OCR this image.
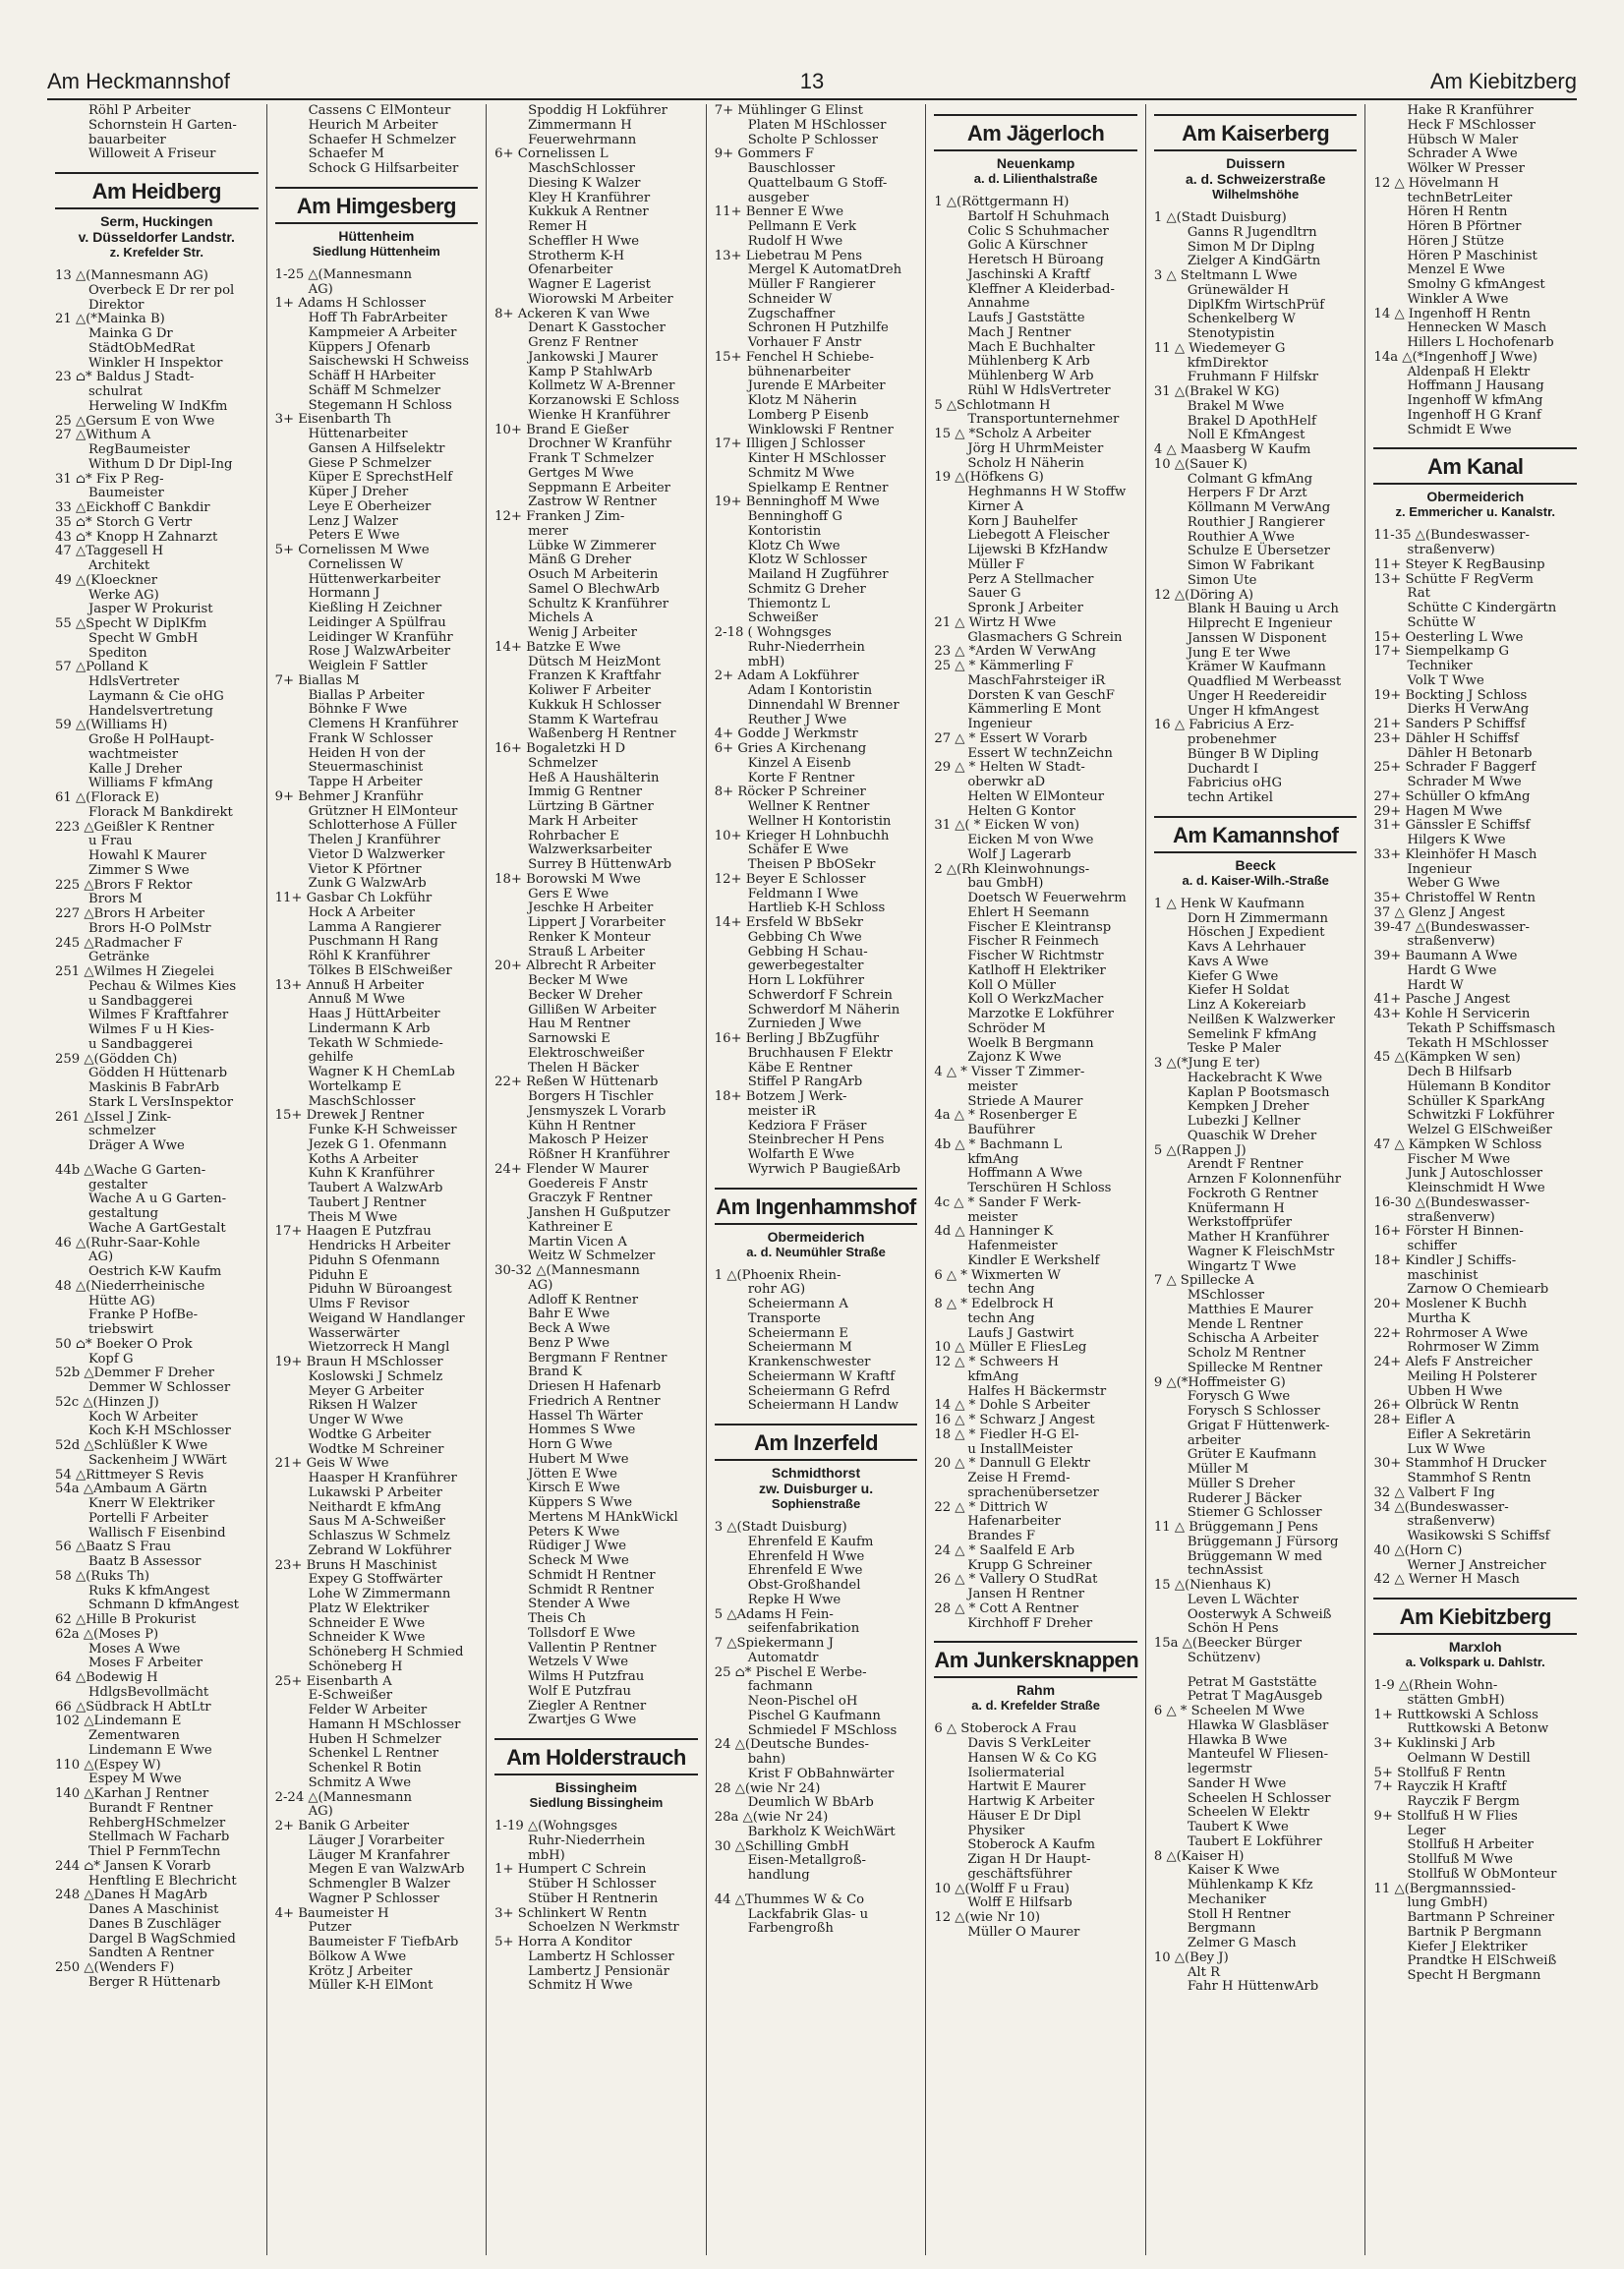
Am Heckmannshof	13	Am Kiebitzberg
Röhl P Arbeiter
Schornstein H Garten-
bauarbeiter
Willoweit A Friseur
Am Heidberg
Serm, Huckingen
v. Düsseldorfer Landstr.
z. Krefelder Str.
13 △(Mannesmann AG)
Overbeck E Dr rer pol
Direktor
21 △(*Mainka B)
Mainka G Dr
StädtObMedRat
Winkler H Inspektor
23 ⌂* Baldus J Stadt-
schulrat
Herweling W IndKfm
25 △Gersum E von Wwe
27 △Withum A
RegBaumeister
Withum D Dr Dipl-Ing
31 ⌂* Fix P Reg-
Baumeister
33 △Eickhoff C Bankdir
35 ⌂* Storch G Vertr
43 ⌂* Knopp H Zahnarzt
47 △Taggesell H
Architekt
49 △(Kloeckner
Werke AG)
Jasper W Prokurist
55 △Specht W DiplKfm
Specht W GmbH
Spediton
57 △Polland K
HdlsVertreter
Laymann & Cie oHG
Handelsvertretung
59 △(Williams H)
Große H PolHaupt-
wachtmeister
Kalle J Dreher
Williams F kfmAng
61 △(Florack E)
Florack M Bankdirekt
223 △Geißler K Rentner
u Frau
Howahl K Maurer
Zimmer S Wwe
225 △Brors F Rektor
Brors M
227 △Brors H Arbeiter
Brors H-O PolMstr
245 △Radmacher F
Getränke
251 △Wilmes H Ziegelei
Pechau & Wilmes Kies
u Sandbaggerei
Wilmes F Kraftfahrer
Wilmes F u H Kies-
u Sandbaggerei
259 △(Gödden Ch)
Gödden H Hüttenarb
Maskinis B FabrArb
Stark L VersInspektor
261 △Issel J Zink-
schmelzer
Dräger A Wwe
44b △Wache G Garten-
gestalter
Wache A u G Garten-
gestaltung
Wache A GartGestalt
46 △(Ruhr-Saar-Kohle
AG)
Oestrich K-W Kaufm
48 △(Niederrheinische
Hütte AG)
Franke P HofBe-
triebswirt
50 ⌂* Boeker O Prok
Kopf G
52b △Demmer F Dreher
Demmer W Schlosser
52c △(Hinzen J)
Koch W Arbeiter
Koch K-H MSchlosser
52d △Schlüßler K Wwe
Sackenheim J WWärt
54 △Rittmeyer S Revis
54a △Ambaum A Gärtn
Knerr W Elektriker
Portelli F Arbeiter
Wallisch F Eisenbind
56 △Baatz S Frau
Baatz B Assessor
58 △(Ruks Th)
Ruks K kfmAngest
Schmann D kfmAngest
62 △Hille B Prokurist
62a △(Moses P)
Moses A Wwe
Moses F Arbeiter
64 △Bodewig H
HdlgsBevollmächt
66 △Südbrack H AbtLtr
102 △Lindemann E
Zementwaren
Lindemann E Wwe
110 △(Espey W)
Espey M Wwe
140 △Karhan J Rentner
Burandt F Rentner
RehbergHSchmelzer
Stellmach W Facharb
Thiel P FernmTechn
244 ⌂* Jansen K Vorarb
Henftling E Blechricht
248 △Danes H MagArb
Danes A Maschinist
Danes B Zuschläger
Dargel B WagSchmied
Sandten A Rentner
250 △(Wenders F)
Berger R Hüttenarb
Cassens C ElMonteur
Heurich M Arbeiter
Schaefer H Schmelzer
Schaefer M
Schock G Hilfsarbeiter
Am Himgesberg
Hüttenheim
Siedlung Hüttenheim
1-25 △(Mannesmann
AG)
1+ Adams H Schlosser
Hoff Th FabrArbeiter
Kampmeier A Arbeiter
Küppers J Ofenarb
Saischewski H Schweiss
Schäff H HArbeiter
Schäff M Schmelzer
Stegemann H Schloss
3+ Eisenbarth Th
Hüttenarbeiter
Gansen A Hilfselektr
Giese P Schmelzer
Küper E SprechstHelf
Küper J Dreher
Leye E Oberheizer
Lenz J Walzer
Peters E Wwe
5+ Cornelissen M Wwe
Cornelissen W
Hüttenwerkarbeiter
Hormann J
Kießling H Zeichner
Leidinger A Spülfrau
Leidinger W Kranführ
Rose J WalzwArbeiter
Weiglein F Sattler
7+ Biallas M
Biallas P Arbeiter
Böhnke F Wwe
Clemens H Kranführer
Frank W Schlosser
Heiden H von der
Steuermaschinist
Tappe H Arbeiter
9+ Behmer J Kranführ
Grützner H ElMonteur
Schlotterhose A Füller
Thelen J Kranführer
Vietor D Walzwerker
Vietor K Pförtner
Zunk G WalzwArb
11+ Gasbar Ch Lokführ
Hock A Arbeiter
Lamma A Rangierer
Puschmann H Rang
Röhl K Kranführer
Tölkes B ElSchweißer
13+ Annuß H Arbeiter
Annuß M Wwe
Haas J HüttArbeiter
Lindermann K Arb
Tekath W Schmiede-
gehilfe
Wagner K H ChemLab
Wortelkamp E
MaschSchlosser
15+ Drewek J Rentner
Funke K-H Schweisser
Jezek G 1. Ofenmann
Koths A Arbeiter
Kuhn K Kranführer
Taubert A WalzwArb
Taubert J Rentner
Theis M Wwe
17+ Haagen E Putzfrau
Hendricks H Arbeiter
Piduhn S Ofenmann
Piduhn E
Piduhn W Büroangest
Ulms F Revisor
Weigand W Handlanger
Wasserwärter
Wietzorreck H Mangl
19+ Braun H MSchlosser
Koslowski J Schmelz
Meyer G Arbeiter
Riksen H Walzer
Unger W Wwe
Wodtke G Arbeiter
Wodtke M Schreiner
21+ Geis W Wwe
Haasper H Kranführer
Lukawski P Arbeiter
Neithardt E kfmAng
Saus M A-Schweißer
Schlaszus W Schmelz
Zebrand W Lokführer
23+ Bruns H Maschinist
Expey G Stoffwärter
Lohe W Zimmermann
Platz W Elektriker
Schneider E Wwe
Schneider K Wwe
Schöneberg H Schmied
Schöneberg H
25+ Eisenbarth A
E-Schweißer
Felder W Arbeiter
Hamann H MSchlosser
Huben H Schmelzer
Schenkel L Rentner
Schenkel R Botin
Schmitz A Wwe
2-24 △(Mannesmann
AG)
2+ Banik G Arbeiter
Läuger J Vorarbeiter
Läuger M Kranfahrer
Megen E van WalzwArb
Schmengler B Walzer
Wagner P Schlosser
4+ Baumeister H
Putzer
Baumeister F TiefbArb
Bölkow A Wwe
Krötz J Arbeiter
Müller K-H ElMont
Spoddig H Lokführer
Zimmermann H
Feuerwehrmann
6+ Cornelissen L
MaschSchlosser
Diesing K Walzer
Kley H Kranführer
Kukkuk A Rentner
Remer H
Scheffler H Wwe
Strotherm K-H
Ofenarbeiter
Wagner E Lagerist
Wiorowski M Arbeiter
8+ Ackeren K van Wwe
Denart K Gasstocher
Grenz F Rentner
Jankowski J Maurer
Kamp P StahlwArb
Kollmetz W A-Brenner
Korzanowski E Schloss
Wienke H Kranführer
10+ Brand E Gießer
Drochner W Kranführ
Frank T Schmelzer
Gertges M Wwe
Seppmann E Arbeiter
Zastrow W Rentner
12+ Franken J Zim-
merer
Lübke W Zimmerer
Mänß G Dreher
Osuch M Arbeiterin
Samel O BlechwArb
Schultz K Kranführer
Michels A
Wenig J Arbeiter
14+ Batzke E Wwe
Dütsch M HeizMont
Franzen K Kraftfahr
Koliwer F Arbeiter
Kukkuk H Schlosser
Stamm K Wartefrau
Waßenberg H Rentner
16+ Bogaletzki H D
Schmelzer
Heß A Haushälterin
Immig G Rentner
Lürtzing B Gärtner
Mark H Arbeiter
Rohrbacher E
Walzwerksarbeiter
Surrey B HüttenwArb
18+ Borowski M Wwe
Gers E Wwe
Jeschke H Arbeiter
Lippert J Vorarbeiter
Renker K Monteur
Strauß L Arbeiter
20+ Albrecht R Arbeiter
Becker M Wwe
Becker W Dreher
Gillißen W Arbeiter
Hau M Rentner
Sarnowski E
Elektroschweißer
Thelen H Bäcker
22+ Reßen W Hüttenarb
Borgers H Tischler
Jensmyszek L Vorarb
Kühn H Rentner
Makosch P Heizer
Rößner H Kranführer
24+ Flender W Maurer
Goedereis F Anstr
Graczyk F Rentner
Janshen H Gußputzer
Kathreiner E
Martin Vicen A
Weitz W Schmelzer
30-32 △(Mannesmann
AG)
Adloff K Rentner
Bahr E Wwe
Beck A Wwe
Benz P Wwe
Bergmann F Rentner
Brand K
Driesen H Hafenarb
Friedrich A Rentner
Hassel Th Wärter
Hommes S Wwe
Horn G Wwe
Hubert M Wwe
Jötten E Wwe
Kirsch E Wwe
Küppers S Wwe
Mertens M HAnkWickl
Peters K Wwe
Rüdiger J Wwe
Scheck M Wwe
Schmidt H Rentner
Schmidt R Rentner
Stender A Wwe
Theis Ch
Tollsdorf E Wwe
Vallentin P Rentner
Wetzels V Wwe
Wilms H Putzfrau
Wolf E Putzfrau
Ziegler A Rentner
Zwartjes G Wwe
Am Holderstrauch
Bissingheim
Siedlung Bissingheim
1-19 △(Wohngsges
Ruhr-Niederrhein
mbH)
1+ Humpert C Schrein
Stüber H Schlosser
Stüber H Rentnerin
3+ Schlinkert W Rentn
Schoelzen N Werkmstr
5+ Horra A Konditor
Lambertz H Schlosser
Lambertz J Pensionär
Schmitz H Wwe
7+ Mühlinger G Elinst
Platen M HSchlosser
Scholte P Schlosser
9+ Gommers F
Bauschlosser
Quattelbaum G Stoff-
ausgeber
11+ Benner E Wwe
Pellmann E Verk
Rudolf H Wwe
13+ Liebetrau M Pens
Mergel K AutomatDreh
Müller F Rangierer
Schneider W
Zugschaffner
Schronen H Putzhilfe
Vorhauer F Anstr
15+ Fenchel H Schiebe-
bühnenarbeiter
Jurende E MArbeiter
Klotz M Näherin
Lomberg P Eisenb
Winklowski F Rentner
17+ Illigen J Schlosser
Kinter H MSchlosser
Schmitz M Wwe
Spielkamp E Rentner
19+ Benninghoff M Wwe
Benninghoff G
Kontoristin
Klotz Ch Wwe
Klotz W Schlosser
Mailand H Zugführer
Schmitz G Dreher
Thiemontz L
Schweißer
2-18 ( Wohngsges
Ruhr-Niederrhein
mbH)
2+ Adam A Lokführer
Adam I Kontoristin
Dinnendahl W Brenner
Reuther J Wwe
4+ Godde J Werkmstr
6+ Gries A Kirchenang
Kinzel A Eisenb
Korte F Rentner
8+ Röcker P Schreiner
Wellner K Rentner
Wellner H Kontoristin
10+ Krieger H Lohnbuchh
Schäfer E Wwe
Theisen P BbOSekr
12+ Beyer E Schlosser
Feldmann I Wwe
Hartlieb K-H Schloss
14+ Ersfeld W BbSekr
Gebbing Ch Wwe
Gebbing H Schau-
gewerbegestalter
Horn L Lokführer
Schwerdorf F Schrein
Schwerdorf M Näherin
Zurnieden J Wwe
16+ Berling J BbZugführ
Bruchhausen F Elektr
Käbe E Rentner
Stiffel P RangArb
18+ Botzem J Werk-
meister iR
Kedziora F Fräser
Steinbrecher H Pens
Wolfarth E Wwe
Wyrwich P BaugießArb
Am Ingenhammshof
Obermeiderich
a. d. Neumühler Straße
1 △(Phoenix Rhein-
rohr AG)
Scheiermann A
Transporte
Scheiermann E
Scheiermann M
Krankenschwester
Scheiermann W Kraftf
Scheiermann G Refrd
Scheiermann H Landw
Am Inzerfeld
Schmidthorst
zw. Duisburger u.
Sophienstraße
3 △(Stadt Duisburg)
Ehrenfeld E Kaufm
Ehrenfeld H Wwe
Ehrenfeld E Wwe
Obst-Großhandel
Repke H Wwe
5 △Adams H Fein-
seifenfabrikation
7 △Spiekermann J
Automatdr
25 ⌂* Pischel E Werbe-
fachmann
Neon-Pischel oH
Pischel G Kaufmann
Schmiedel F MSchloss
24 △(Deutsche Bundes-
bahn)
Krist F ObBahnwärter
28 △(wie Nr 24)
Deumlich W BbArb
28a △(wie Nr 24)
Barkholz K WeichWärt
30 △Schilling GmbH
Eisen-Metallgroß-
handlung
44 △Thummes W & Co
Lackfabrik Glas- u
Farbengroßh
Am Jägerloch
Neuenkamp
a. d. Lilienthalstraße
1 △(Röttgermann H)
Bartolf H Schuhmach
Colic S Schuhmacher
Golic A Kürschner
Heretsch H Büroang
Jaschinski A Kraftf
Kleffner A Kleiderbad-
Annahme
Laufs J Gaststätte
Mach J Rentner
Mach E Buchhalter
Mühlenberg K Arb
Mühlenberg W Arb
Rühl W HdlsVertreter
5 △Schlotmann H
Transportunternehmer
15 △ *Scholz A Arbeiter
Jörg H UhrmMeister
Scholz H Näherin
19 △(Höfkens G)
Heghmanns H W Stoffw
Kirner A
Korn J Bauhelfer
Liebegott A Fleischer
Lijewski B KfzHandw
Müller F
Perz A Stellmacher
Sauer G
Spronk J Arbeiter
21 △ Wirtz H Wwe
Glasmachers G Schrein
23 △ *Arden W VerwAng
25 △ * Kämmerling F
MaschFahrsteiger iR
Dorsten K van GeschF
Kämmerling E Mont
Ingenieur
27 △ * Essert W Vorarb
Essert W technZeichn
29 △ * Helten W Stadt-
oberwkr aD
Helten W ElMonteur
Helten G Kontor
31 △( * Eicken W von)
Eicken M von Wwe
Wolf J Lagerarb
2 △(Rh Kleinwohnungs-
bau GmbH)
Doetsch W Feuerwehrm
Ehlert H Seemann
Fischer E Kleintransp
Fischer R Feinmech
Fischer W Richtmstr
Katlhoff H Elektriker
Koll O Müller
Koll O WerkzMacher
Marzotke E Lokführer
Schröder M
Woelk B Bergmann
Zajonz K Wwe
4 △ * Visser T Zimmer-
meister
Striede A Maurer
4a △ * Rosenberger E
Bauführer
4b △ * Bachmann L
kfmAng
Hoffmann A Wwe
Terschüren H Schloss
4c △ * Sander F Werk-
meister
4d △ Hanninger K
Hafenmeister
Kindler E Werkshelf
6 △ * Wixmerten W
techn Ang
8 △ * Edelbrock H
techn Ang
Laufs J Gastwirt
10 △ Müller E FliesLeg
12 △ * Schweers H
kfmAng
Halfes H Bäckermstr
14 △ * Dohle S Arbeiter
16 △ * Schwarz J Angest
18 △ * Fiedler H-G El-
u InstallMeister
20 △ * Dannull G Elektr
Zeise H Fremd-
sprachenübersetzer
22 △ * Dittrich W
Hafenarbeiter
Brandes F
24 △ * Saalfeld E Arb
Krupp G Schreiner
26 △ * Vallery O StudRat
Jansen H Rentner
28 △ * Cott A Rentner
Kirchhoff F Dreher
Am Junkersknappen
Rahm
a. d. Krefelder Straße
6 △ Stoberock A Frau
Davis S VerkLeiter
Hansen W & Co KG
Isoliermaterial
Hartwit E Maurer
Hartwig K Arbeiter
Häuser E Dr Dipl
Physiker
Stoberock A Kaufm
Zigan H Dr Haupt-
geschäftsführer
10 △(Wolff F u Frau)
Wolff E Hilfsarb
12 △(wie Nr 10)
Müller O Maurer
Am Kaiserberg
Duissern
a. d. Schweizerstraße
Wilhelmshöhe
1 △(Stadt Duisburg)
Ganns R Jugendltrn
Simon M Dr Diplng
Zielger A KindGärtn
3 △ Steltmann L Wwe
Grünewälder H
DiplKfm WirtschPrüf
Schenkelberg W
Stenotypistin
11 △ Wiedemeyer G
kfmDirektor
Fruhmann F Hilfskr
31 △(Brakel W KG)
Brakel M Wwe
Brakel D ApothHelf
Noll E KfmAngest
4 △ Maasberg W Kaufm
10 △(Sauer K)
Colmant G kfmAng
Herpers F Dr Arzt
Köllmann M VerwAng
Routhier J Rangierer
Routhier A Wwe
Schulze E Übersetzer
Simon W Fabrikant
Simon Ute
12 △(Döring A)
Blank H Bauing u Arch
Hilprecht E Ingenieur
Janssen W Disponent
Jung E ter Wwe
Krämer W Kaufmann
Quadflied M Werbeasst
Unger H Reedereidir
Unger H kfmAngest
16 △ Fabricius A Erz-
probenehmer
Bünger B W Dipling
Duchardt I
Fabricius oHG
techn Artikel
Am Kamannshof
Beeck
a. d. Kaiser-Wilh.-Straße
1 △ Henk W Kaufmann
Dorn H Zimmermann
Höschen J Expedient
Kavs A Lehrhauer
Kavs A Wwe
Kiefer G Wwe
Kiefer H Soldat
Linz A Kokereiarb
Neilßen K Walzwerker
Semelink F kfmAng
Teske P Maler
3 △(*Jung E ter)
Hackebracht K Wwe
Kaplan P Bootsmasch
Kempken J Dreher
Lubezki J Kellner
Quaschik W Dreher
5 △(Rappen J)
Arendt F Rentner
Arnzen F Kolonnenführ
Fockroth G Rentner
Knüfermann H
Werkstoffprüfer
Mather H Kranführer
Wagner K FleischMstr
Wingartz T Wwe
7 △ Spillecke A
MSchlosser
Matthies E Maurer
Mende L Rentner
Schischa A Arbeiter
Scholz M Rentner
Spillecke M Rentner
9 △(*Hoffmeister G)
Forysch G Wwe
Forysch S Schlosser
Grigat F Hüttenwerk-
arbeiter
Grüter E Kaufmann
Müller M
Müller S Dreher
Ruderer J Bäcker
Stiemer G Schlosser
11 △ Brüggemann J Pens
Brüggemann J Fürsorg
Brüggemann W med
technAssist
15 △(Nienhaus K)
Leven L Wächter
Oosterwyk A Schweiß
Schön H Pens
15a △(Beecker Bürger
Schützenv)
Petrat M Gaststätte
Petrat T MagAusgeb
6 △ * Scheelen M Wwe
Hlawka W Glasbläser
Hlawka B Wwe
Manteufel W Fliesen-
legermstr
Sander H Wwe
Scheelen H Schlosser
Scheelen W Elektr
Taubert K Wwe
Taubert E Lokführer
8 △(Kaiser H)
Kaiser K Wwe
Mühlenkamp K Kfz
Mechaniker
Stoll H Rentner
Bergmann
Zelmer G Masch
10 △(Bey J)
Alt R
Fahr H HüttenwArb
Hake R Kranführer
Heck F MSchlosser
Hübsch W Maler
Schrader A Wwe
Wölker W Presser
12 △ Hövelmann H
technBetrLeiter
Hören H Rentn
Hören B Pförtner
Hören J Stütze
Hören P Maschinist
Menzel E Wwe
Smolny G kfmAngest
Winkler A Wwe
14 △ Ingenhoff H Rentn
Hennecken W Masch
Hillers L Hochofenarb
14a △(*Ingenhoff J Wwe)
Aldenpaß H Elektr
Hoffmann J Hausang
Ingenhoff W kfmAng
Ingenhoff H G Kranf
Schmidt E Wwe
Am Kanal
Obermeiderich
z. Emmericher u. Kanalstr.
11-35 △(Bundeswasser-
straßenverw)
11+ Steyer K RegBausinp
13+ Schütte F RegVerm
Rat
Schütte C Kindergärtn
Schütte W
15+ Oesterling L Wwe
17+ Siempelkamp G
Techniker
Volk T Wwe
19+ Bockting J Schloss
Dierks H VerwAng
21+ Sanders P Schiffsf
23+ Dähler H Schiffsf
Dähler H Betonarb
25+ Schrader F Baggerf
Schrader M Wwe
27+ Schüller O kfmAng
29+ Hagen M Wwe
31+ Gänssler E Schiffsf
Hilgers K Wwe
33+ Kleinhöfer H Masch
Ingenieur
Weber G Wwe
35+ Christoffel W Rentn
37 △ Glenz J Angest
39-47 △(Bundeswasser-
straßenverw)
39+ Baumann A Wwe
Hardt G Wwe
Hardt W
41+ Pasche J Angest
43+ Kohle H Servicerin
Tekath P Schiffsmasch
Tekath H MSchlosser
45 △(Kämpken W sen)
Dech B Hilfsarb
Hülemann B Konditor
Schüller K SparkAng
Schwitzki F Lokführer
Welzel G ElSchweißer
47 △ Kämpken W Schloss
Fischer M Wwe
Junk J Autoschlosser
Kleinschmidt H Wwe
16-30 △(Bundeswasser-
straßenverw)
16+ Förster H Binnen-
schiffer
18+ Kindler J Schiffs-
maschinist
Zarnow O Chemiearb
20+ Moslener K Buchh
Murtha K
22+ Rohrmoser A Wwe
Rohrmoser W Zimm
24+ Alefs F Anstreicher
Meiling H Polsterer
Ubben H Wwe
26+ Olbrück W Rentn
28+ Eifler A
Eifler A Sekretärin
Lux W Wwe
30+ Stammhof H Drucker
Stammhof S Rentn
32 △ Valbert F Ing
34 △(Bundeswasser-
straßenverw)
Wasikowski S Schiffsf
40 △(Horn C)
Werner J Anstreicher
42 △ Werner H Masch
Am Kiebitzberg
Marxloh
a. Volkspark u. Dahlstr.
1-9 △(Rhein Wohn-
stätten GmbH)
1+ Ruttkowski A Schloss
Ruttkowski A Betonw
3+ Kuklinski J Arb
Oelmann W Destill
5+ Stollfuß F Rentn
7+ Rayczik H Kraftf
Rayczik F Bergm
9+ Stollfuß H W Flies
Leger
Stollfuß H Arbeiter
Stollfuß M Wwe
Stollfuß W ObMonteur
11 △(Bergmannssied-
lung GmbH)
Bartmann P Schreiner
Bartnik P Bergmann
Kiefer J Elektriker
Prandtke H ElSchweiß
Specht H Bergmann
